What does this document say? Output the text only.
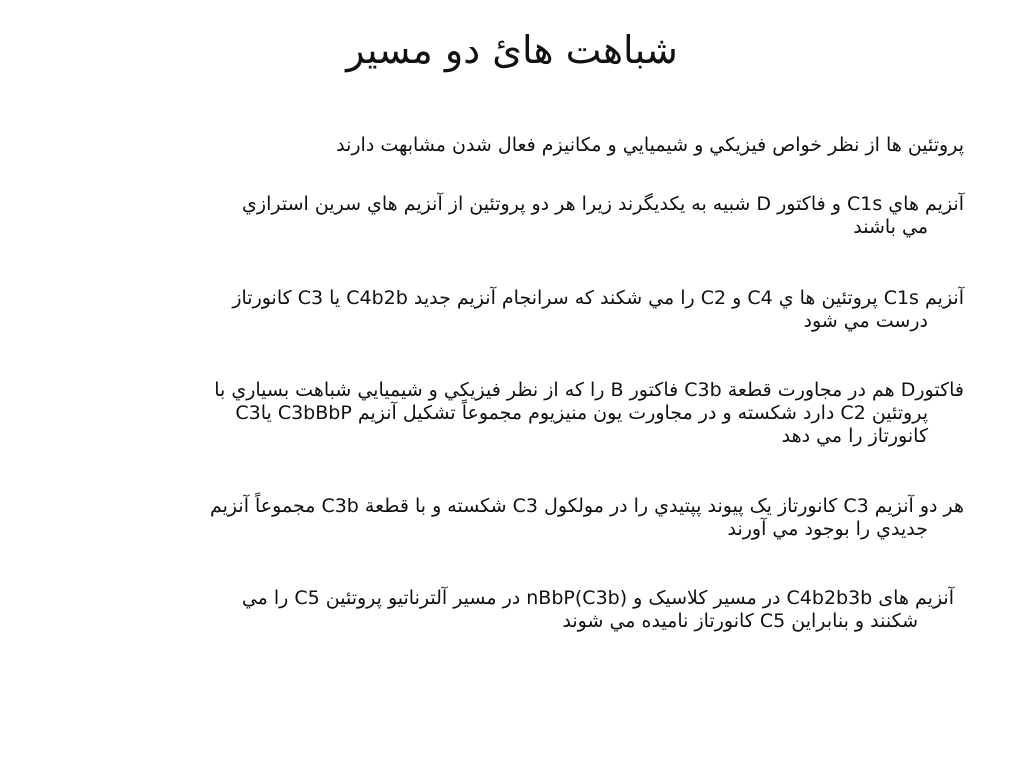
شباهت هایٔ دو مسیر
پروتئين ها از نظر خواص فيزيكي و شيميايي و مكانيزم فعال شدن مشابهت دارند
آنزيم هاي C1s و فاكتور D شبيه به يكديگرند زيرا هر دو پروتئين از آنزيم هاي سرين استرازي
مي باشند
آنزيم C1s پروتئين ها ي C4 و C2 را مي شكند كه سرانجام آنزيم جديد C4b2b يا C3 كانورتاز
درست مي شود
فاكتورD هم در مجاورت قطعة C3b فاكتور B را كه از نظر فيزيكي و شيميايي شباهت بسياري با
پروتئين C2 دارد شكسته و در مجاورت يون منيزيوم مجموعاً تشكيل آنزيم C3bBbP ياC3
كانورتاز را مي دهد
هر دو آنزيم C3 كانورتاز یک پيوند پپتيدي را در مولكول C3 شكسته و با قطعة C3b مجموعاً آنزيم
جديدي را بوجود مي آورند
آنزیم های C4b2b3b در مسیر کلاسیک و (C3b)nBbP در مسیر آلترناتیو پروتئين C5 را مي
شكنند و بنابراين C5 كانورتاز ناميده مي شوند
